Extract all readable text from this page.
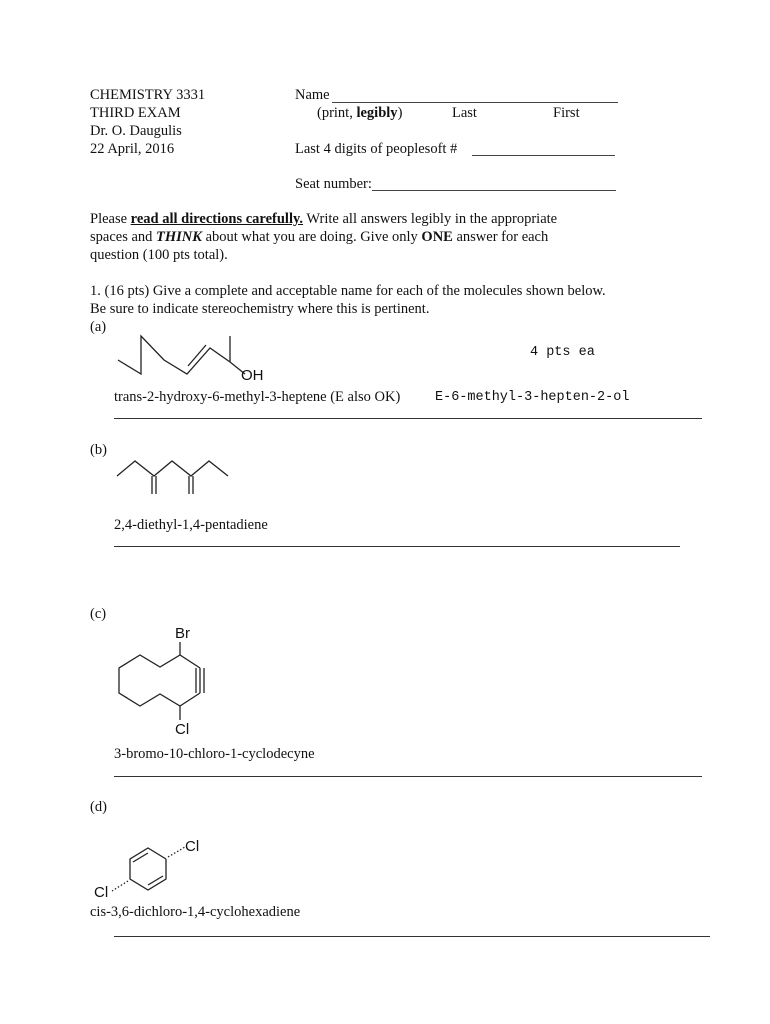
CHEMISTRY 3331
THIRD EXAM
Dr. O. Daugulis
22 April, 2016
Name
(print, legibly)	Last	First
Last 4 digits of peoplesoft #
Seat number:
Please read all directions carefully. Write all answers legibly in the appropriate
spaces and THINK about what you are doing. Give only ONE answer for each
question (100 pts total).
1. (16 pts) Give a complete and acceptable name for each of the molecules shown below.
Be sure to indicate stereochemistry where this is pertinent.
(a)
OH
4 pts ea
trans-2-hydroxy-6-methyl-3-heptene (E also OK)	E-6-methyl-3-hepten-2-ol
(b)
2,4-diethyl-1,4-pentadiene
(c)
Br
Cl
3-bromo-10-chloro-1-cyclodecyne
(d)
Cl
Cl
cis-3,6-dichloro-1,4-cyclohexadiene
